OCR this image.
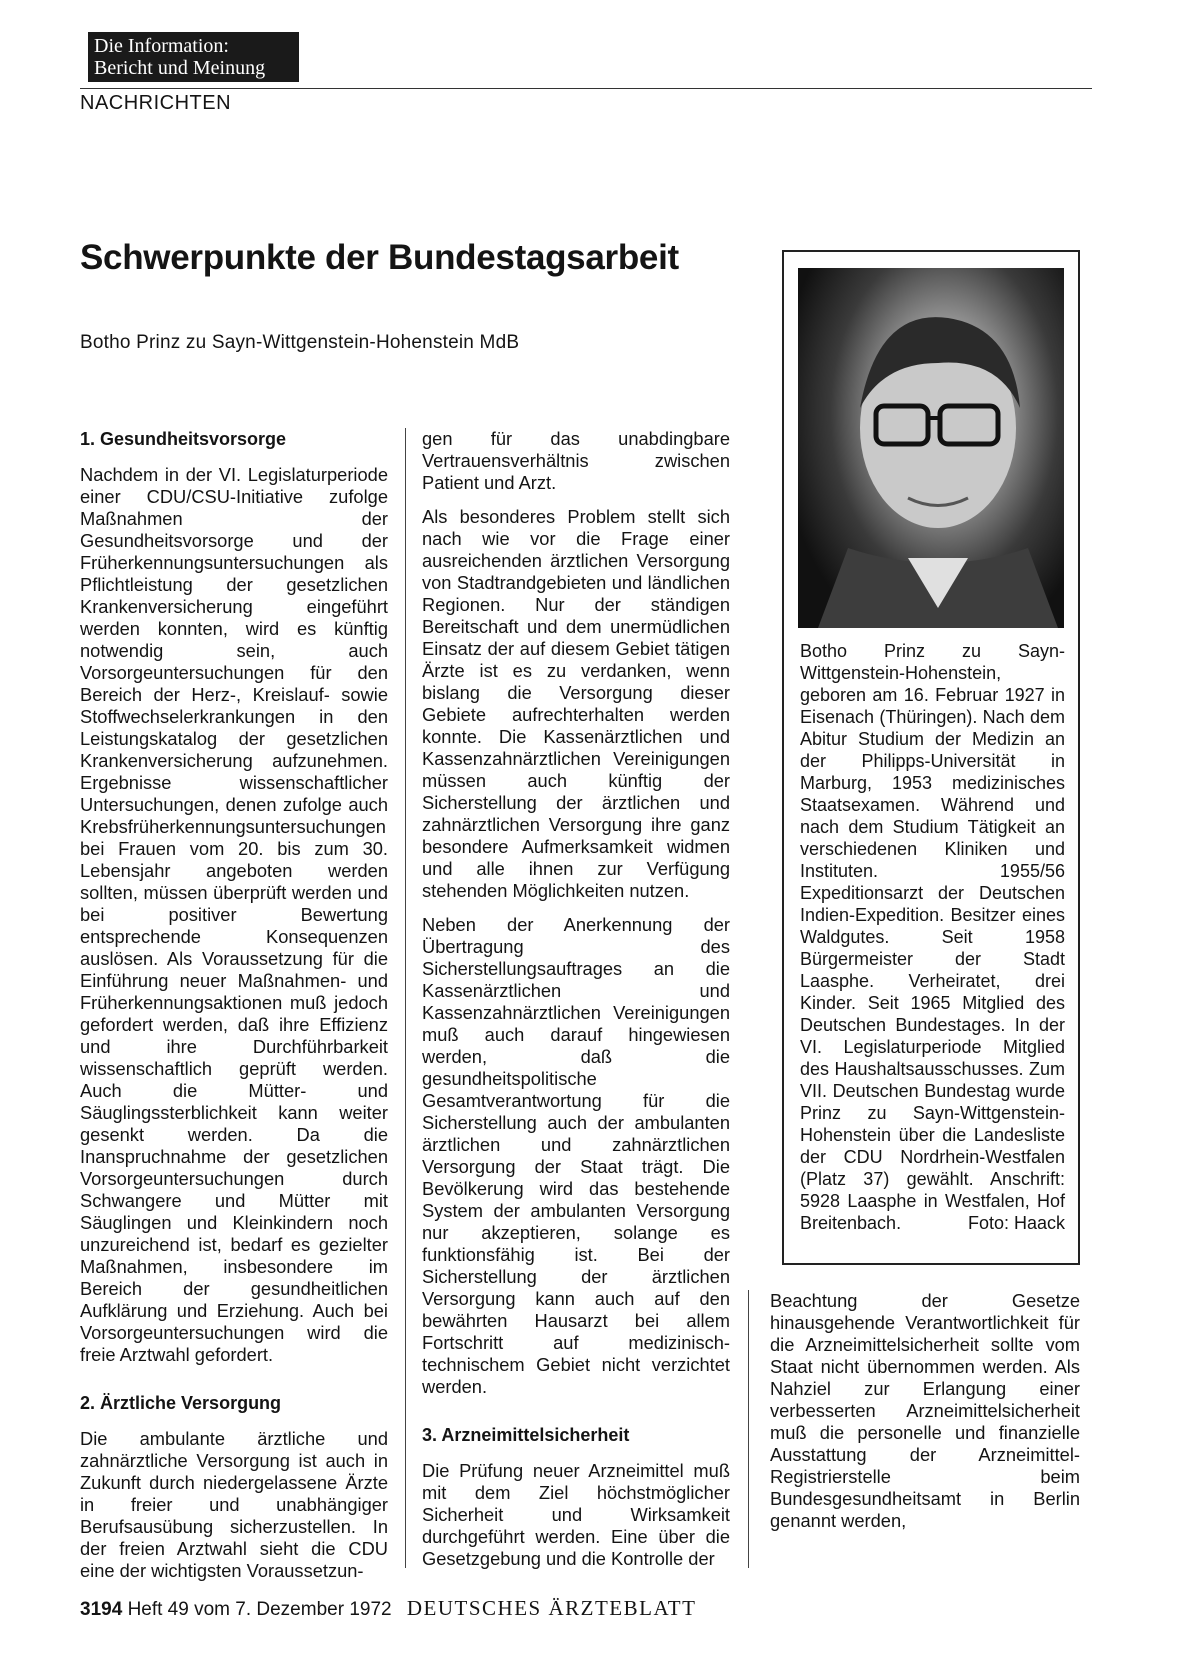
Die Information:
Bericht und Meinung
NACHRICHTEN
Schwerpunkte der Bundestagsarbeit
Botho Prinz zu Sayn-Wittgenstein-Hohenstein MdB
1. Gesundheitsvorsorge

Nachdem in der VI. Legislaturperiode einer CDU/CSU-Initiative zufolge Maßnahmen der Gesundheitsvorsorge und der Früherkennungsuntersuchungen als Pflichtleistung der gesetzlichen Krankenversicherung eingeführt werden konnten, wird es künftig notwendig sein, auch Vorsorgeuntersuchungen für den Bereich der Herz-, Kreislauf- sowie Stoffwechselerkrankungen in den Leistungskatalog der gesetzlichen Krankenversicherung aufzunehmen. Ergebnisse wissenschaftlicher Untersuchungen, denen zufolge auch Krebsfrüherkennungsuntersuchungen bei Frauen vom 20. bis zum 30. Lebensjahr angeboten werden sollten, müssen überprüft werden und bei positiver Bewertung entsprechende Konsequenzen auslösen. Als Voraussetzung für die Einführung neuer Maßnahmen- und Früherkennungsaktionen muß jedoch gefordert werden, daß ihre Effizienz und ihre Durchführbarkeit wissenschaftlich geprüft werden. Auch die Mütter- und Säuglingssterblichkeit kann weiter gesenkt werden. Da die Inanspruchnahme der gesetzlichen Vorsorgeuntersuchungen durch Schwangere und Mütter mit Säuglingen und Kleinkindern noch unzureichend ist, bedarf es gezielter Maßnahmen, insbesondere im Bereich der gesundheitlichen Aufklärung und Erziehung. Auch bei Vorsorgeuntersuchungen wird die freie Arztwahl gefordert.

2. Ärztliche Versorgung

Die ambulante ärztliche und zahnärztliche Versorgung ist auch in Zukunft durch niedergelassene Ärzte in freier und unabhängiger Berufsausübung sicherzustellen. In der freien Arztwahl sieht die CDU eine der wichtigsten Voraussetzun-

gen für das unabdingbare Vertrauensverhältnis zwischen Patient und Arzt.

Als besonderes Problem stellt sich nach wie vor die Frage einer ausreichenden ärztlichen Versorgung von Stadtrandgebieten und ländlichen Regionen. Nur der ständigen Bereitschaft und dem unermüdlichen Einsatz der auf diesem Gebiet tätigen Ärzte ist es zu verdanken, wenn bislang die Versorgung dieser Gebiete aufrechterhalten werden konnte. Die Kassenärztlichen und Kassenzahnärztlichen Vereinigungen müssen auch künftig der Sicherstellung der ärztlichen und zahnärztlichen Versorgung ihre ganz besondere Aufmerksamkeit widmen und alle ihnen zur Verfügung stehenden Möglichkeiten nutzen.

Neben der Anerkennung der Übertragung des Sicherstellungsauftrages an die Kassenärztlichen und Kassenzahnärztlichen Vereinigungen muß auch darauf hingewiesen werden, daß die gesundheitspolitische Gesamtverantwortung für die Sicherstellung auch der ambulanten ärztlichen und zahnärztlichen Versorgung der Staat trägt. Die Bevölkerung wird das bestehende System der ambulanten Versorgung nur akzeptieren, solange es funktionsfähig ist. Bei der Sicherstellung der ärztlichen Versorgung kann auch auf den bewährten Hausarzt bei allem Fortschritt auf medizinisch-technischem Gebiet nicht verzichtet werden.

3. Arzneimittelsicherheit

Die Prüfung neuer Arzneimittel muß mit dem Ziel höchstmöglicher Sicherheit und Wirksamkeit durchgeführt werden. Eine über die Gesetzgebung und die Kontrolle der

Botho Prinz zu Sayn-Wittgenstein-Hohenstein, geboren am 16. Februar 1927 in Eisenach (Thüringen). Nach dem Abitur Studium der Medizin an der Philipps-Universität in Marburg, 1953 medizinisches Staatsexamen. Während und nach dem Studium Tätigkeit an verschiedenen Kliniken und Instituten. 1955/56 Expeditionsarzt der Deutschen Indien-Expedition. Besitzer eines Waldgutes. Seit 1958 Bürgermeister der Stadt Laasphe. Verheiratet, drei Kinder. Seit 1965 Mitglied des Deutschen Bundestages. In der VI. Legislaturperiode Mitglied des Haushaltsausschusses. Zum VII. Deutschen Bundestag wurde Prinz zu Sayn-Wittgenstein-Hohenstein über die Landesliste der CDU Nordrhein-Westfalen (Platz 37) gewählt. Anschrift: 5928 Laasphe in Westfalen, Hof Breitenbach.	Foto: Haack

Beachtung der Gesetze hinausgehende Verantwortlichkeit für die Arzneimittelsicherheit sollte vom Staat nicht übernommen werden. Als Nahziel zur Erlangung einer verbesserten Arzneimittelsicherheit muß die personelle und finanzielle Ausstattung der Arzneimittel-Registrierstelle beim Bundesgesundheitsamt in Berlin genannt werden,

3194 Heft 49 vom 7. Dezember 1972 DEUTSCHES ÄRZTEBLATT
